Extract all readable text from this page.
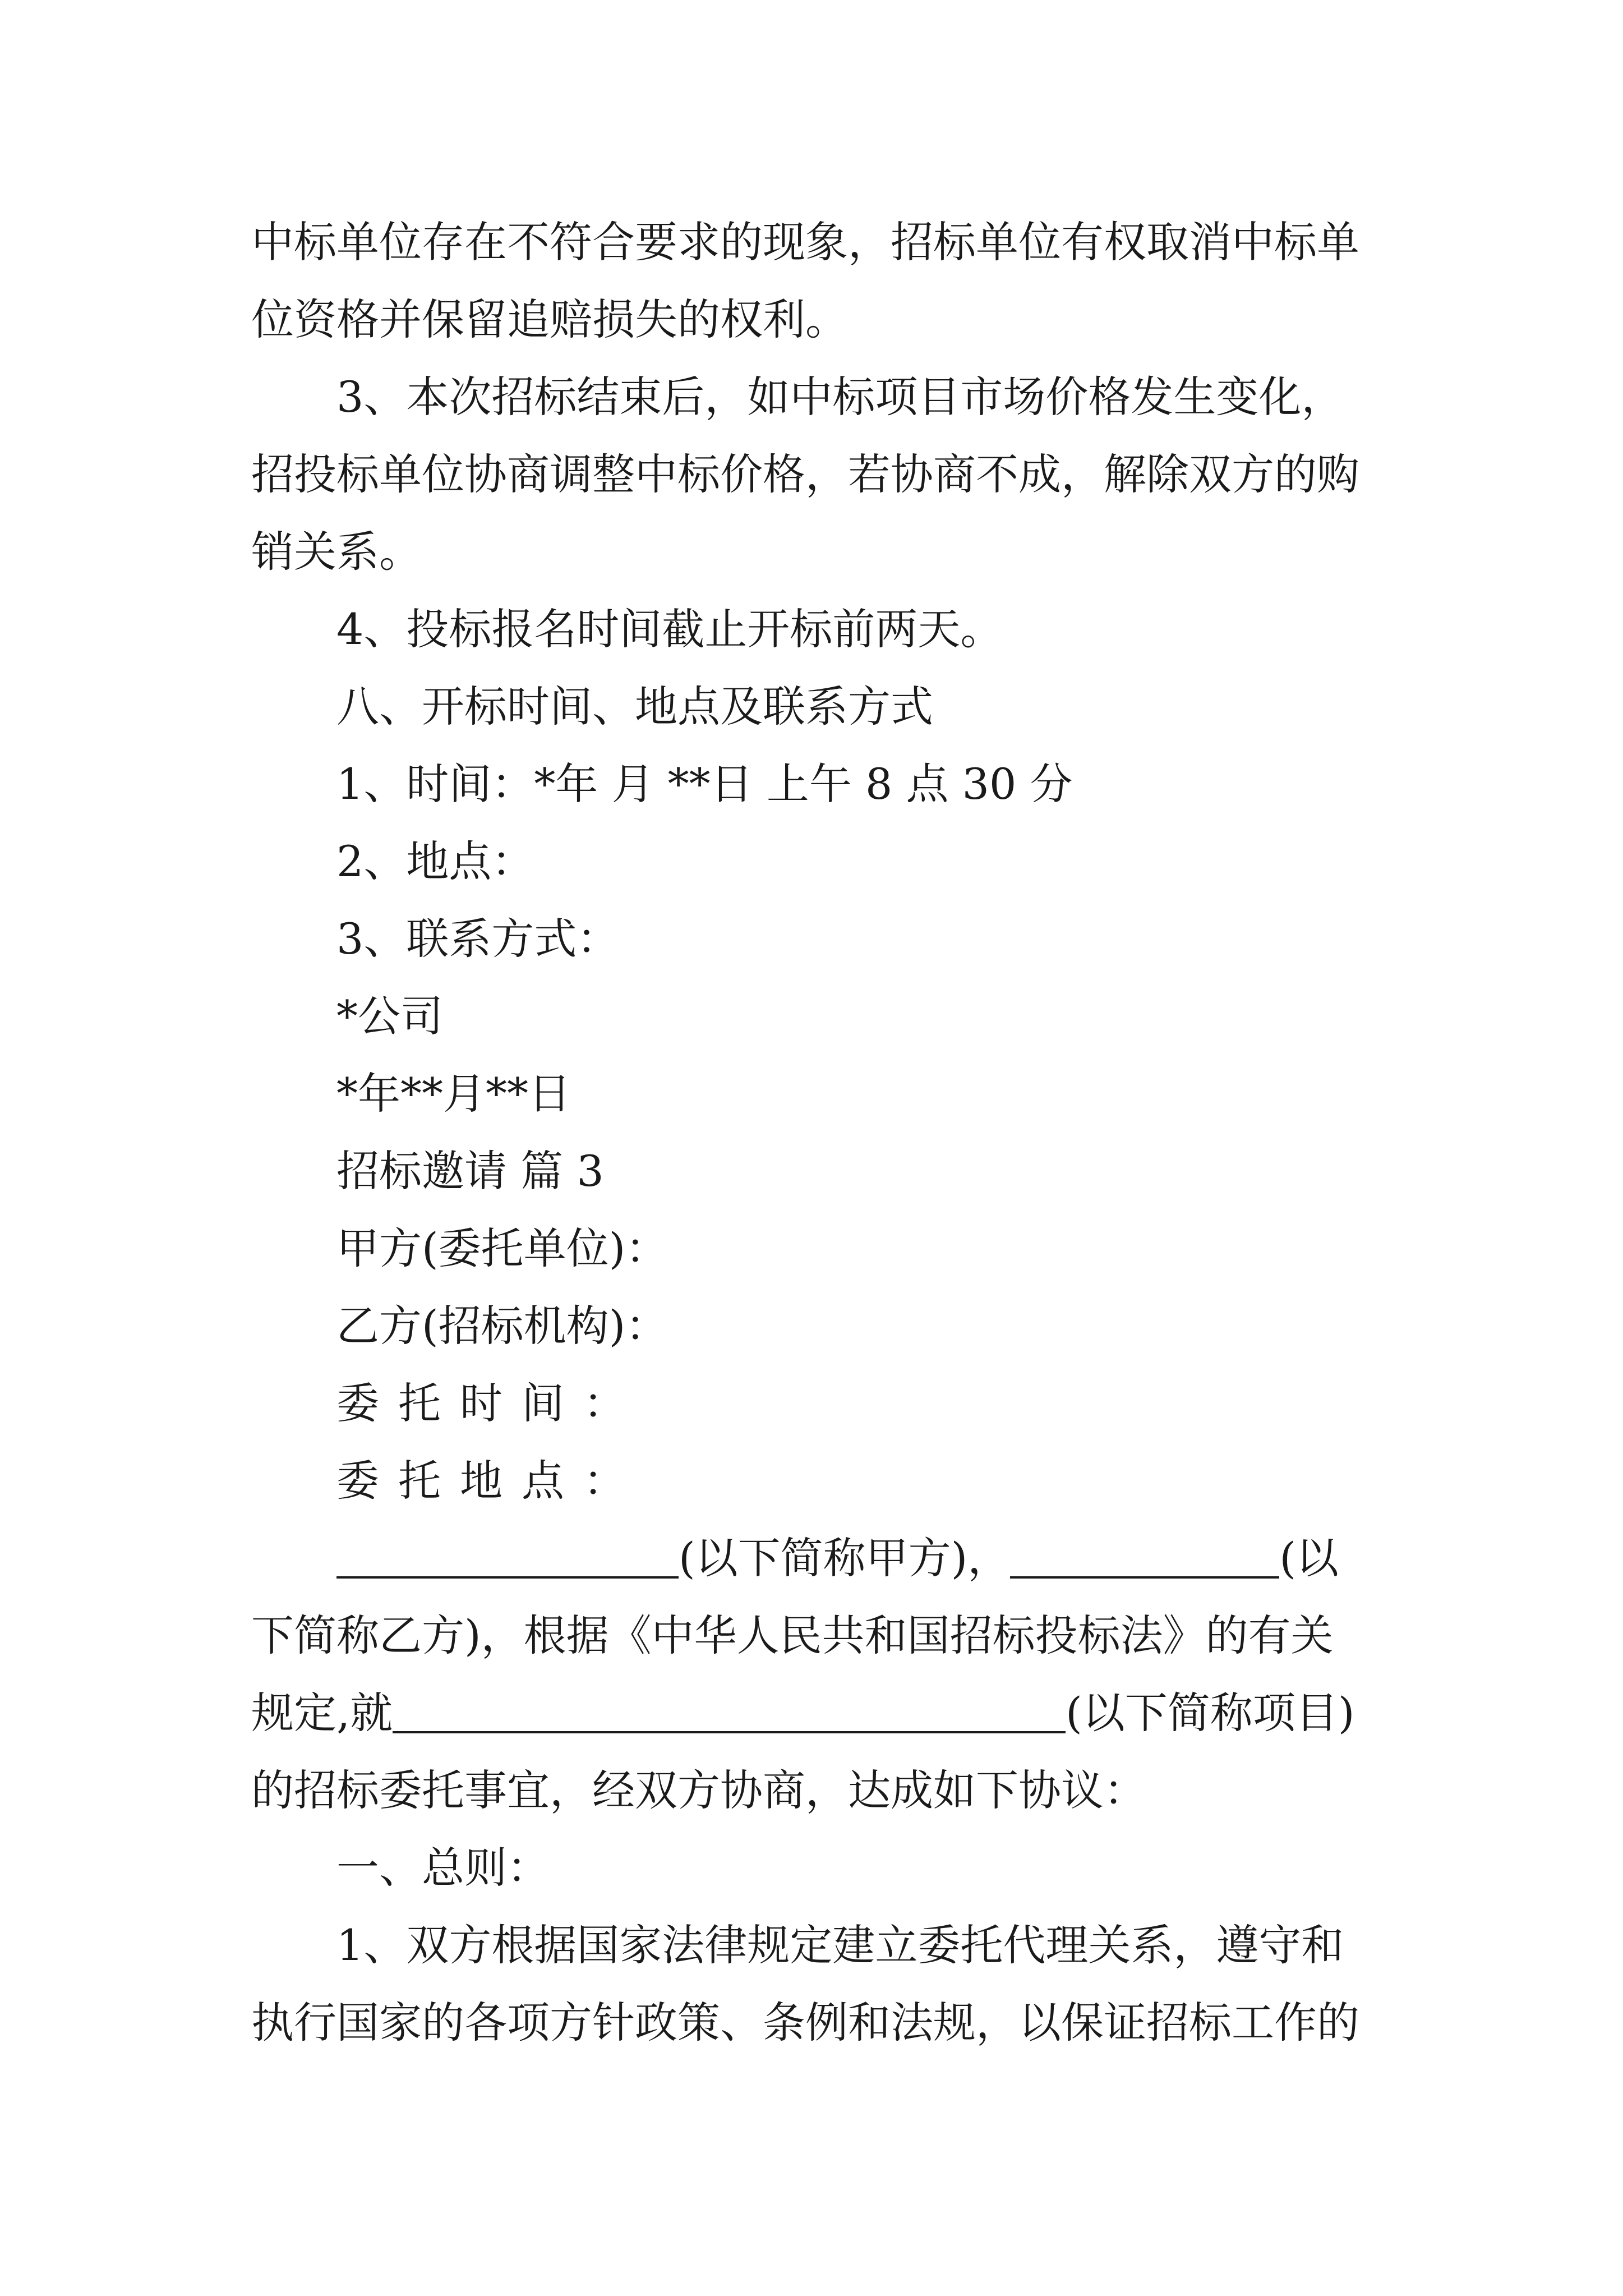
中标单位存在不符合要求的现象，招标单位有权取消中标单
位资格并保留追赔损失的权利。
3、本次招标结束后，如中标项目市场价格发生变化，
招投标单位协商调整中标价格，若协商不成，解除双方的购
销关系。
4、投标报名时间截止开标前两天。
八、开标时间、地点及联系方式
1、时间：*年 月 **日 上午 8 点 30 分
2、地点：
3、联系方式：
*公司
*年**月**日
招标邀请 篇 3
甲方(委托单位)：
乙方(招标机构)：
委 托 时 间 ：
委 托 地 点 ：
(以下简称甲方)，	(以
下简称乙方)，根据《中华人民共和国招标投标法》的有关
规定,就	(以下简称项目)
的招标委托事宜，经双方协商，达成如下协议：
一、总则：
1、双方根据国家法律规定建立委托代理关系，遵守和
执行国家的各项方针政策、条例和法规，以保证招标工作的
